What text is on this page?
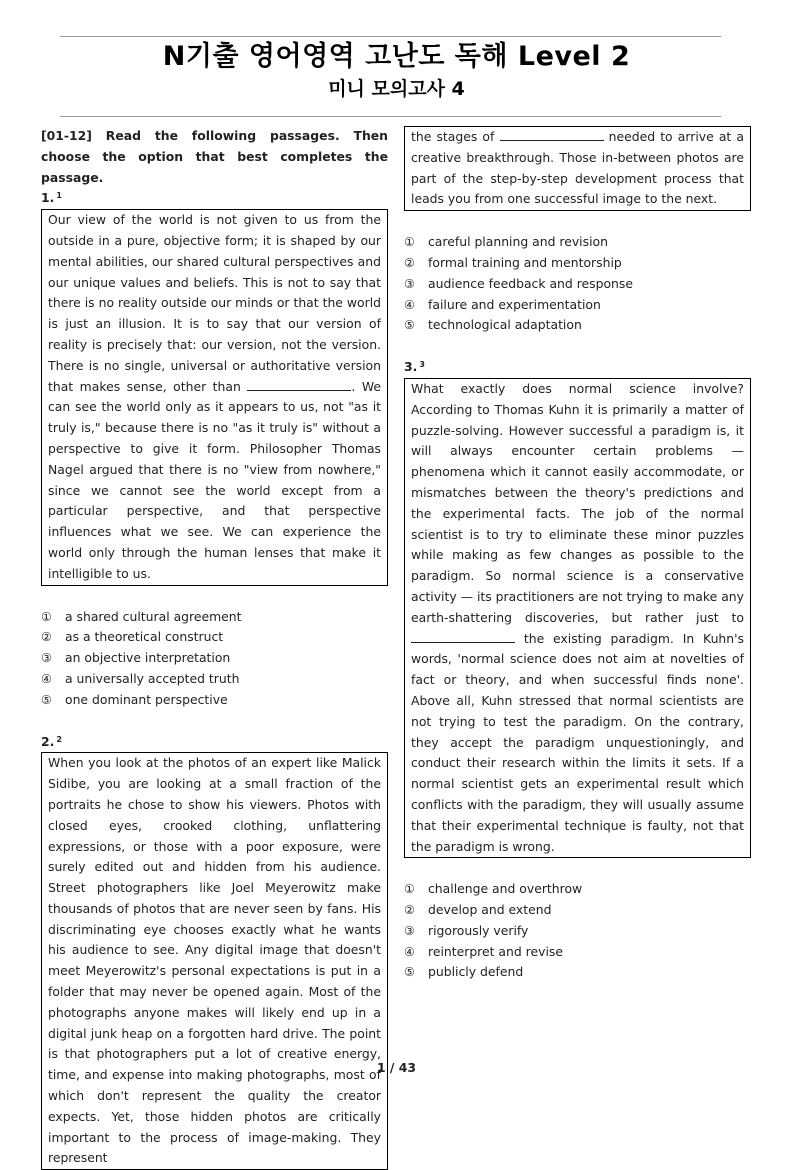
N기출 영어영역 고난도 독해 Level 2
미니 모의고사 4

[01-12] Read the following passages. Then choose the option that best completes the passage.

1. $^1$

Our view of the world is not given to us from the outside in a pure, objective form; it is shaped by our mental abilities, our shared cultural perspectives and our unique values and beliefs. This is not to say that there is no reality outside our minds or that the world is just an illusion. It is to say that our version of reality is precisely that: our version, not the version. There is no single, universal or authoritative version that makes sense, other than	. We can see the world only as it appears to us, not "as it truly is," because there is no "as it truly is" without a perspective to give it form. Philosopher Thomas Nagel argued that there is no "view from nowhere," since we cannot see the world except from a particular perspective, and that perspective influences what we see. We can experience the world only through the human lenses that make it intelligible to us.
①	a shared cultural agreement
②	as a theoretical construct
③	an objective interpretation
④	a universally accepted truth
⑤	one dominant perspective

2. $^2$

When you look at the photos of an expert like Malick Sidibe, you are looking at a small fraction of the portraits he chose to show his viewers. Photos with closed eyes, crooked clothing, unflattering expressions, or those with a poor exposure, were surely edited out and hidden from his audience. Street photographers like Joel Meyerowitz make thousands of photos that are never seen by fans. His discriminating eye chooses exactly what he wants his audience to see. Any digital image that doesn't meet Meyerowitz's personal expectations is put in a folder that may never be opened again. Most of the photographs anyone makes will likely end up in a digital junk heap on a forgotten hard drive. The point is that photographers put a lot of creative energy, time, and expense into making photographs, most of which don't represent the quality the creator expects. Yet, those hidden photos are critically important to the process of image-making. They represent
the stages of	needed to arrive at a creative breakthrough. Those in-between photos are part of the step-by-step development process that leads you from one successful image to the next.
①	careful planning and revision
②	formal training and mentorship
③	audience feedback and response
④	failure and experimentation
⑤	technological adaptation

3. $^3$

What exactly does normal science involve? According to Thomas Kuhn it is primarily a matter of puzzle-solving. However successful a paradigm is, it will always encounter certain problems — phenomena which it cannot easily accommodate, or mismatches between the theory's predictions and the experimental facts. The job of the normal scientist is to try to eliminate these minor puzzles while making as few changes as possible to the paradigm. So normal science is a conservative activity — its practitioners are not trying to make any earth-shattering discoveries, but rather just to  the existing paradigm. In Kuhn's words, 'normal science does not aim at novelties of fact or theory, and when successful finds none'. Above all, Kuhn stressed that normal scientists are not trying to test the paradigm. On the contrary, they accept the paradigm unquestioningly, and conduct their research within the limits it sets. If a normal scientist gets an experimental result which conflicts with the paradigm, they will usually assume that their experimental technique is faulty, not that the paradigm is wrong.
①	challenge and overthrow
②	develop and extend
③	rigorously verify
④	reinterpret and revise
⑤	publicly defend
1 / 43
